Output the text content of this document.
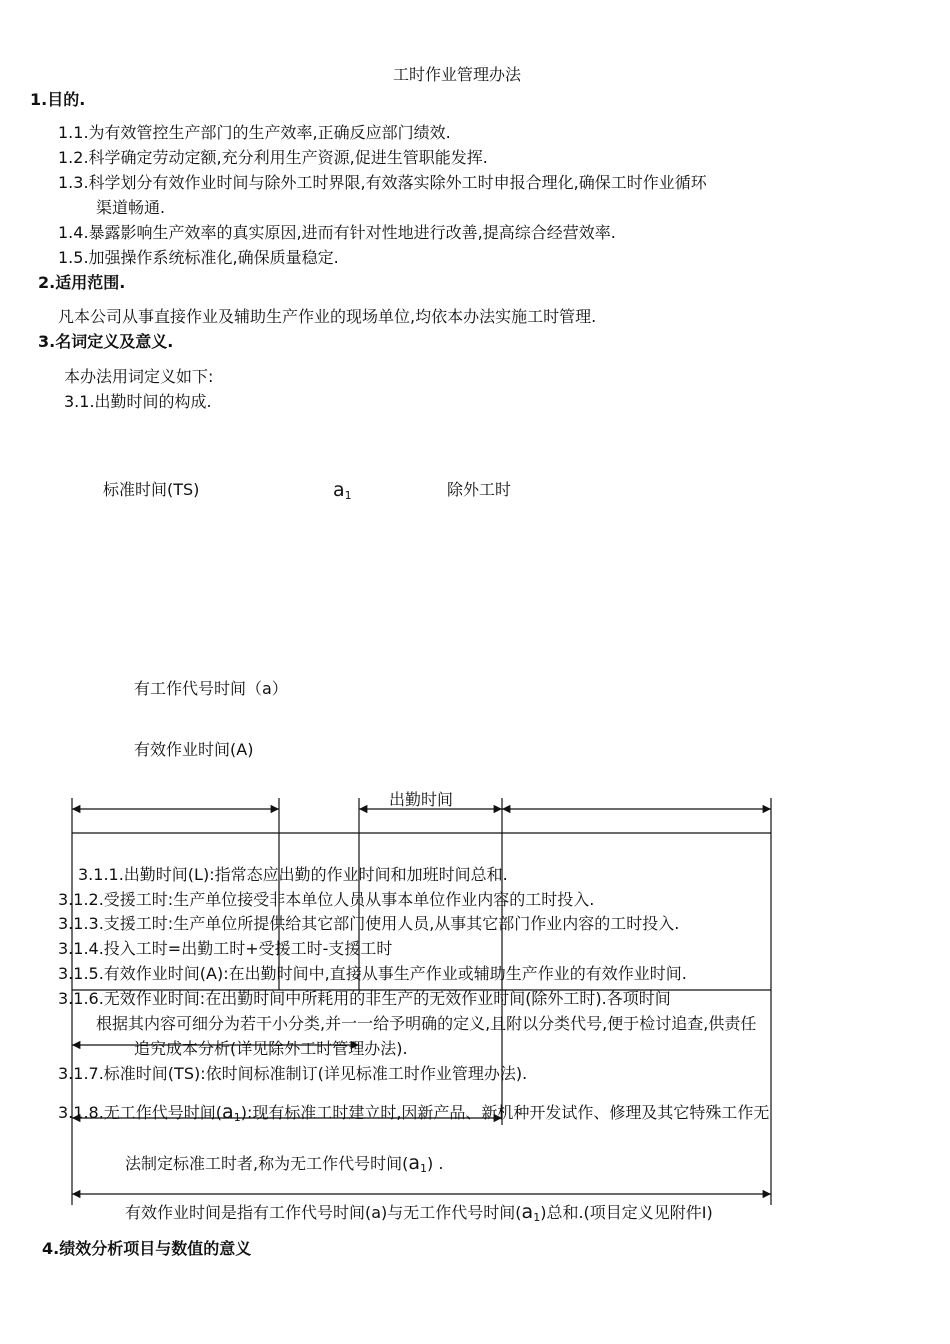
工时作业管理办法
1.目的.
1.1.为有效管控生产部门的生产效率,正确反应部门绩效.
1.2.科学确定劳动定额,充分利用生产资源,促进生管职能发挥.
1.3.科学划分有效作业时间与除外工时界限,有效落实除外工时申报合理化,确保工时作业循环
渠道畅通.
1.4.暴露影响生产效率的真实原因,进而有针对性地进行改善,提高综合经营效率.
1.5.加强操作系统标准化,确保质量稳定.
2.适用范围.
凡本公司从事直接作业及辅助生产作业的现场单位,均依本办法实施工时管理.
3.名词定义及意义.
本办法用词定义如下:
3.1.出勤时间的构成.
标准时间(TS)	$a_1$	除外工时
有工作代号时间（a）
有效作业时间(A)
出勤时间
3.1.1.出勤时间(L):指常态应出勤的作业时间和加班时间总和.
3.1.2.受援工时:生产单位接受非本单位人员从事本单位作业内容的工时投入.
3.1.3.支援工时:生产单位所提供给其它部门使用人员,从事其它部门作业内容的工时投入.
3.1.4.投入工时=出勤工时+受援工时-支援工时
3.1.5.有效作业时间(A):在出勤时间中,直接从事生产作业或辅助生产作业的有效作业时间.
3.1.6.无效作业时间:在出勤时间中所耗用的非生产的无效作业时间(除外工时).各项时间
根据其内容可细分为若干小分类,并一一给予明确的定义,且附以分类代号,便于检讨追查,供责任
追究成本分析(详见除外工时管理办法).
3.1.7.标准时间(TS):依时间标准制订(详见标准工时作业管理办法).
3.1.8.无工作代号时间$(a_1)$:现有标准工时建立时,因新产品、新机种开发试作、修理及其它特殊工作无
法制定标准工时者,称为无工作代号时间$(a_1)$ .
有效作业时间是指有工作代号时间(a)与无工作代号时间$(a_1)$总和.(项目定义见附件Ⅰ)
4.绩效分析项目与数值的意义
